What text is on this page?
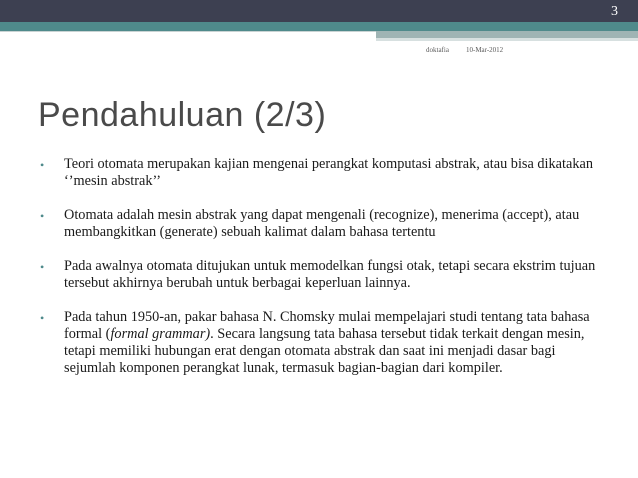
3
doktafia 10-Mar-2012
Pendahuluan (2/3)
• Teori otomata merupakan kajian mengenai perangkat komputasi abstrak, atau bisa dikatakan ‘’mesin abstrak’’
• Otomata adalah mesin abstrak yang dapat mengenali (recognize), menerima (accept), atau membangkitkan (generate) sebuah kalimat dalam bahasa tertentu
• Pada awalnya otomata ditujukan untuk memodelkan fungsi otak, tetapi secara ekstrim tujuan tersebut akhirnya berubah untuk berbagai keperluan lainnya.
• Pada tahun 1950-an, pakar bahasa N. Chomsky mulai mempelajari studi tentang tata bahasa formal (formal grammar). Secara langsung tata bahasa tersebut tidak terkait dengan mesin, tetapi memiliki hubungan erat dengan otomata abstrak dan saat ini menjadi dasar bagi sejumlah komponen perangkat lunak, termasuk bagian-bagian dari kompiler.
